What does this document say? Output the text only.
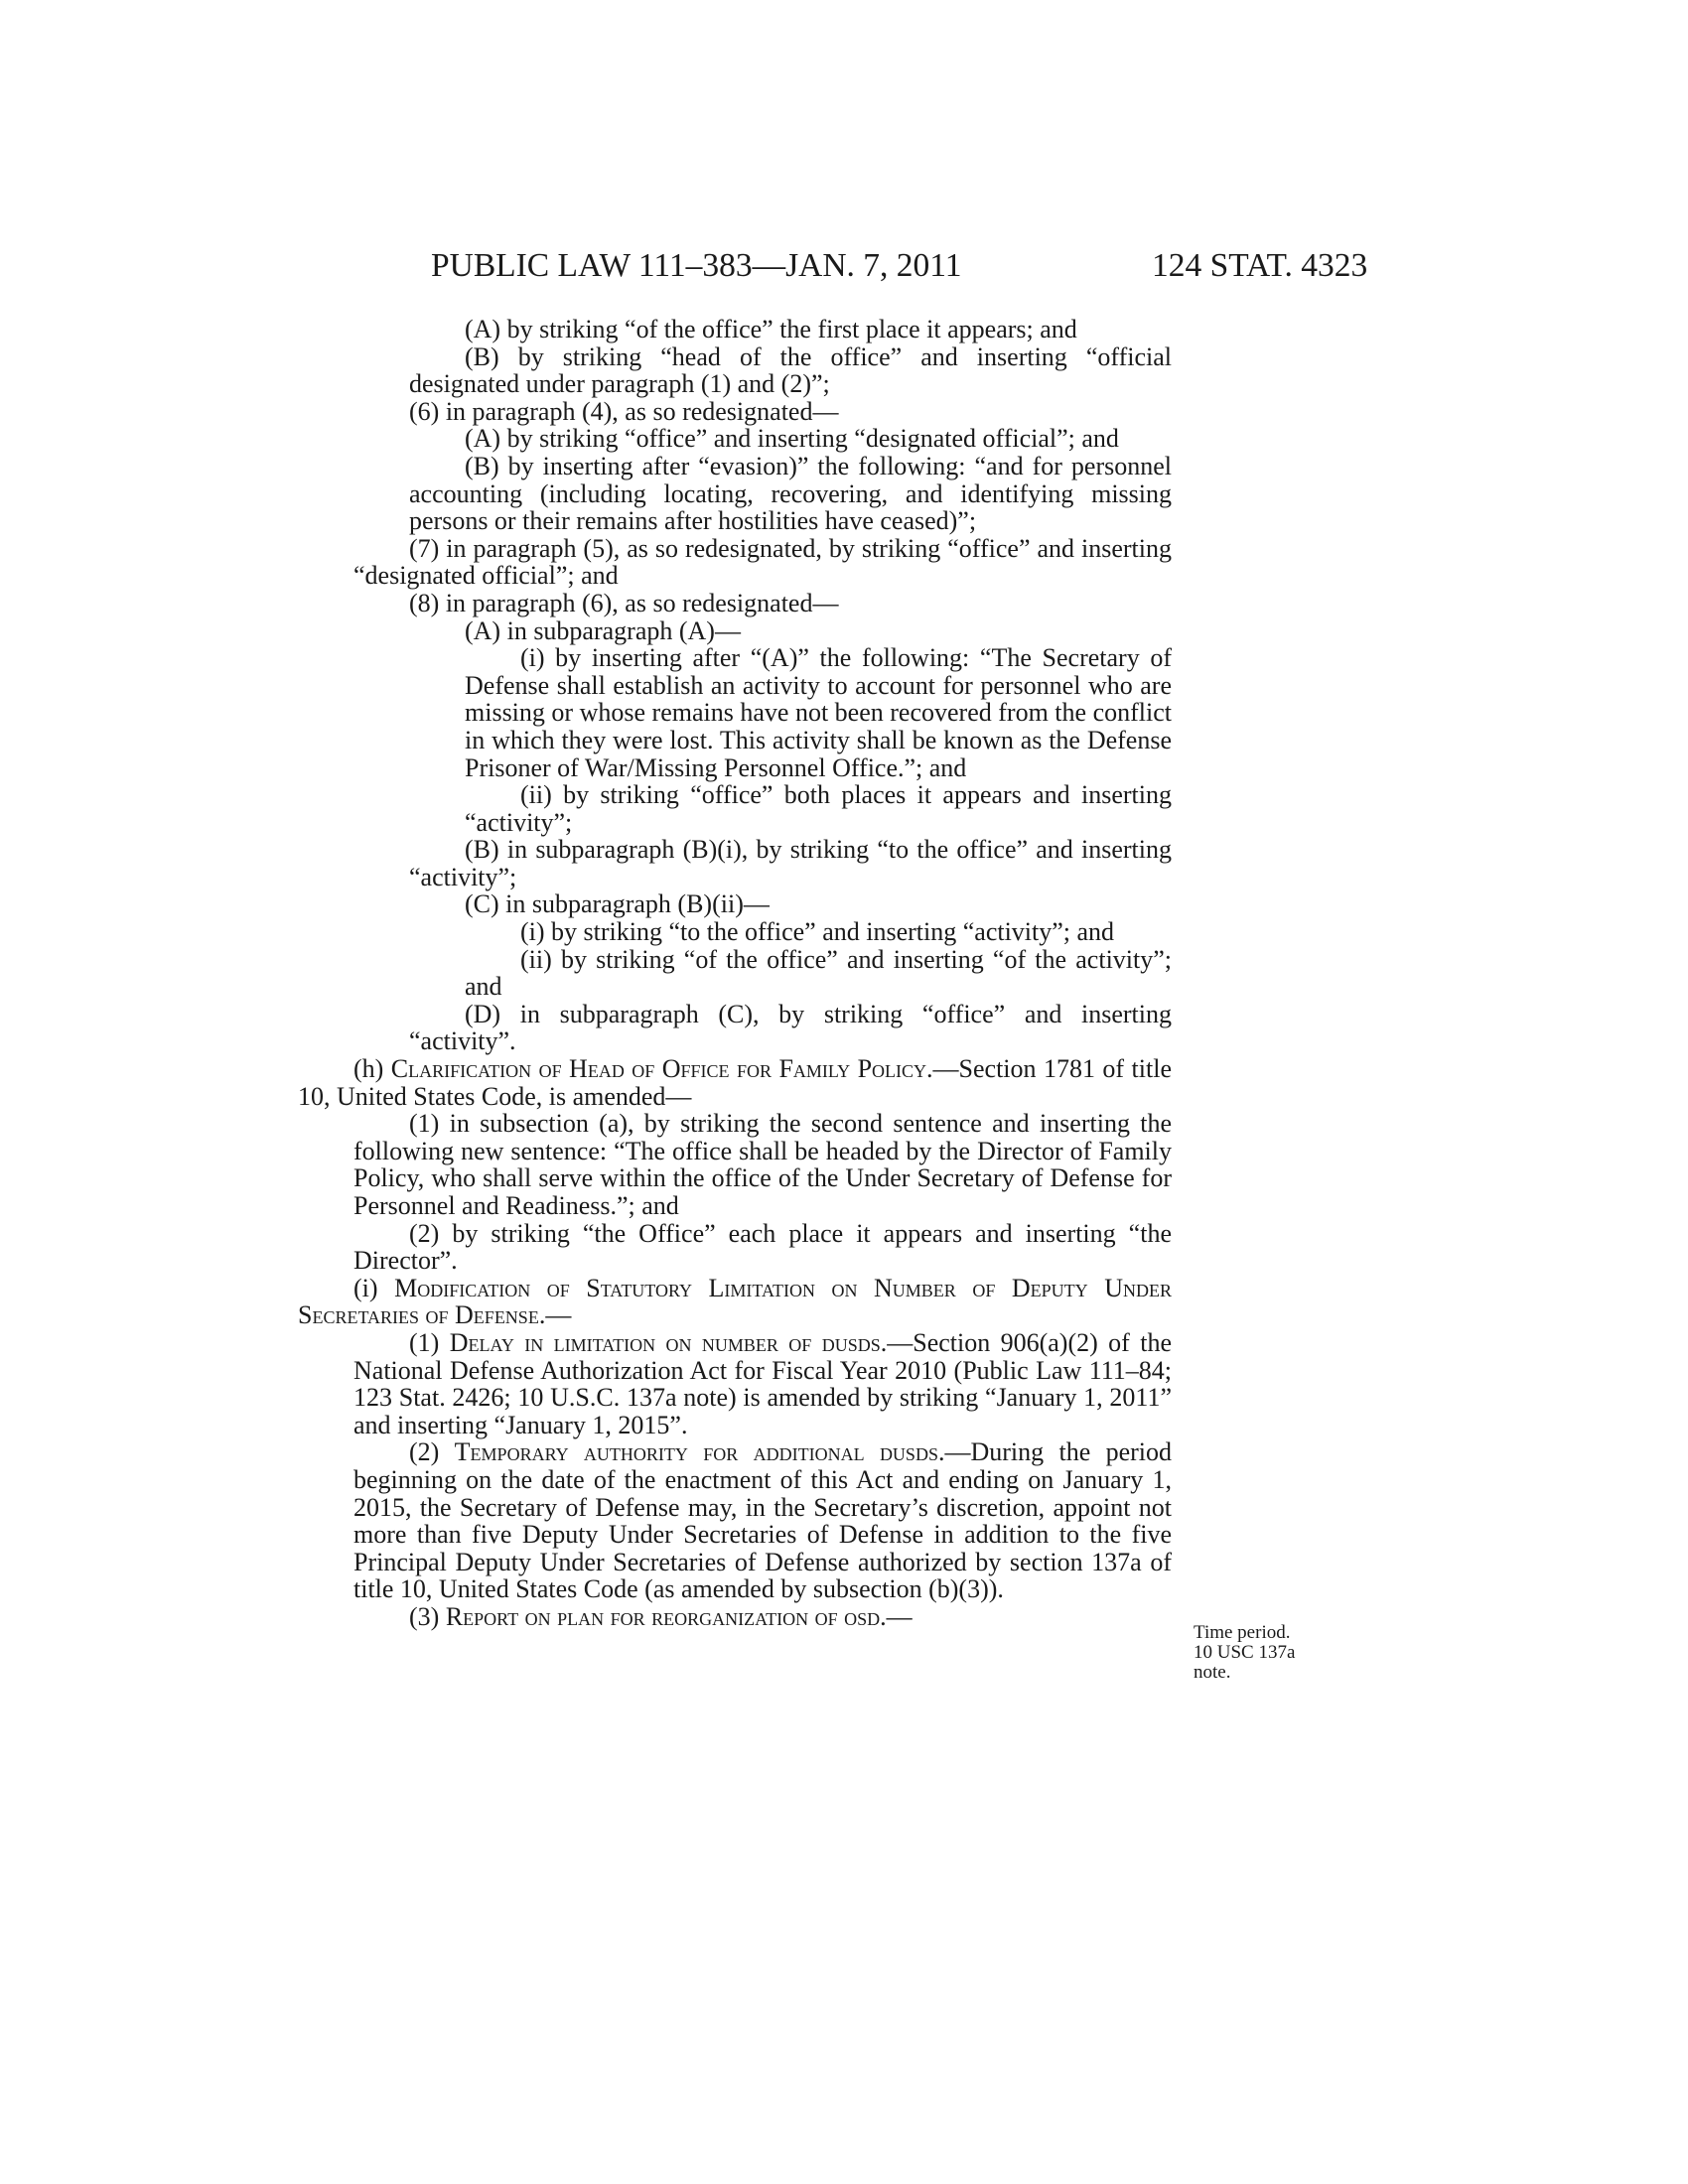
PUBLIC LAW 111–383—JAN. 7, 2011	124 STAT. 4323

(A) by striking “of the office” the first place it appears; and

(B) by striking “head of the office” and inserting “official designated under paragraph (1) and (2)”;

(6) in paragraph (4), as so redesignated—

(A) by striking “office” and inserting “designated official”; and

(B) by inserting after “evasion)” the following: “and for personnel accounting (including locating, recovering, and identifying missing persons or their remains after hostilities have ceased)”;

(7) in paragraph (5), as so redesignated, by striking “office” and inserting “designated official”; and

(8) in paragraph (6), as so redesignated—

(A) in subparagraph (A)—

(i) by inserting after “(A)” the following: “The Secretary of Defense shall establish an activity to account for personnel who are missing or whose remains have not been recovered from the conflict in which they were lost. This activity shall be known as the Defense Prisoner of War/Missing Personnel Office.”; and

(ii) by striking “office” both places it appears and inserting “activity”;

(B) in subparagraph (B)(i), by striking “to the office” and inserting “activity”;

(C) in subparagraph (B)(ii)—

(i) by striking “to the office” and inserting “activity”; and

(ii) by striking “of the office” and inserting “of the activity”; and

(D) in subparagraph (C), by striking “office” and inserting “activity”.

(h) Clarification of Head of Office for Family Policy.—Section 1781 of title 10, United States Code, is amended—

(1) in subsection (a), by striking the second sentence and inserting the following new sentence: “The office shall be headed by the Director of Family Policy, who shall serve within the office of the Under Secretary of Defense for Personnel and Readiness.”; and

(2) by striking “the Office” each place it appears and inserting “the Director”.

(i) Modification of Statutory Limitation on Number of Deputy Under Secretaries of Defense.—

(1) Delay in limitation on number of dusds.—Section 906(a)(2) of the National Defense Authorization Act for Fiscal Year 2010 (Public Law 111–84; 123 Stat. 2426; 10 U.S.C. 137a note) is amended by striking “January 1, 2011” and inserting “January 1, 2015”.

(2) Temporary authority for additional dusds.—During the period beginning on the date of the enactment of this Act and ending on January 1, 2015, the Secretary of Defense may, in the Secretary’s discretion, appoint not more than five Deputy Under Secretaries of Defense in addition to the five Principal Deputy Under Secretaries of Defense authorized by section 137a of title 10, United States Code (as amended by subsection (b)(3)).

(3) Report on plan for reorganization of osd.—

Time period.
10 USC 137a
note.
